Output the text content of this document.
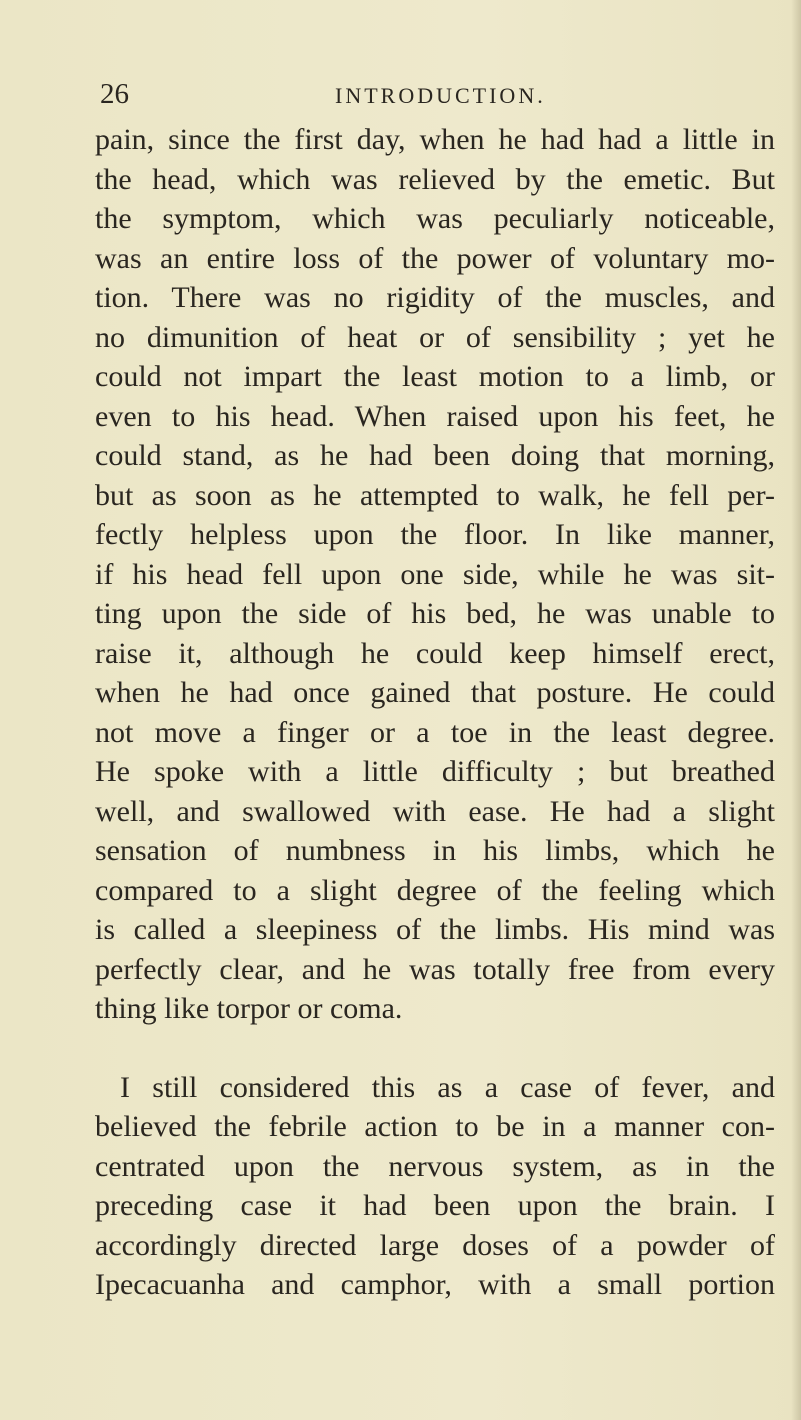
26	INTRODUCTION.
pain, since the first day, when he had had a little in
the head, which was relieved by the emetic. But
the symptom, which was peculiarly noticeable,
was an entire loss of the power of voluntary mo-
tion. There was no rigidity of the muscles, and
no dimunition of heat or of sensibility ; yet he
could not impart the least motion to a limb, or
even to his head. When raised upon his feet, he
could stand, as he had been doing that morning,
but as soon as he attempted to walk, he fell per-
fectly helpless upon the floor. In like manner,
if his head fell upon one side, while he was sit-
ting upon the side of his bed, he was unable to
raise it, although he could keep himself erect,
when he had once gained that posture. He could
not move a finger or a toe in the least degree.
He spoke with a little difficulty ; but breathed
well, and swallowed with ease. He had a slight
sensation of numbness in his limbs, which he
compared to a slight degree of the feeling which
is called a sleepiness of the limbs. His mind was
perfectly clear, and he was totally free from every
thing like torpor or coma.
I still considered this as a case of fever, and
believed the febrile action to be in a manner con-
centrated upon the nervous system, as in the
preceding case it had been upon the brain. I
accordingly directed large doses of a powder of
Ipecacuanha and camphor, with a small portion
